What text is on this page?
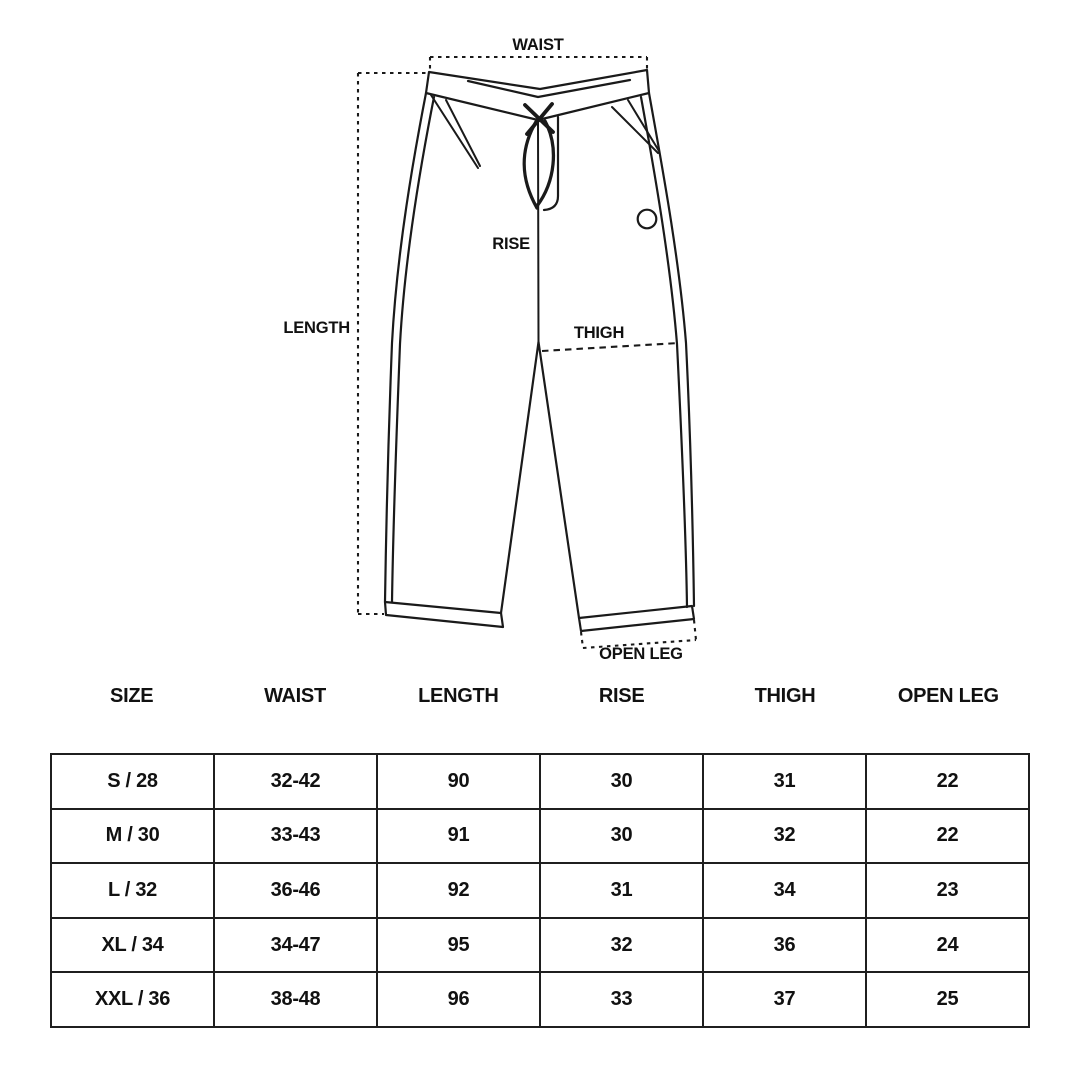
WAIST
LENGTH
RISE
THIGH
OPEN LEG
SIZE	WAIST	LENGTH	RISE	THIGH	OPEN LEG
S / 28	32-42	90	30	31	22
M / 30	33-43	91	30	32	22
L / 32	36-46	92	31	34	23
XL / 34	34-47	95	32	36	24
XXL / 36	38-48	96	33	37	25
